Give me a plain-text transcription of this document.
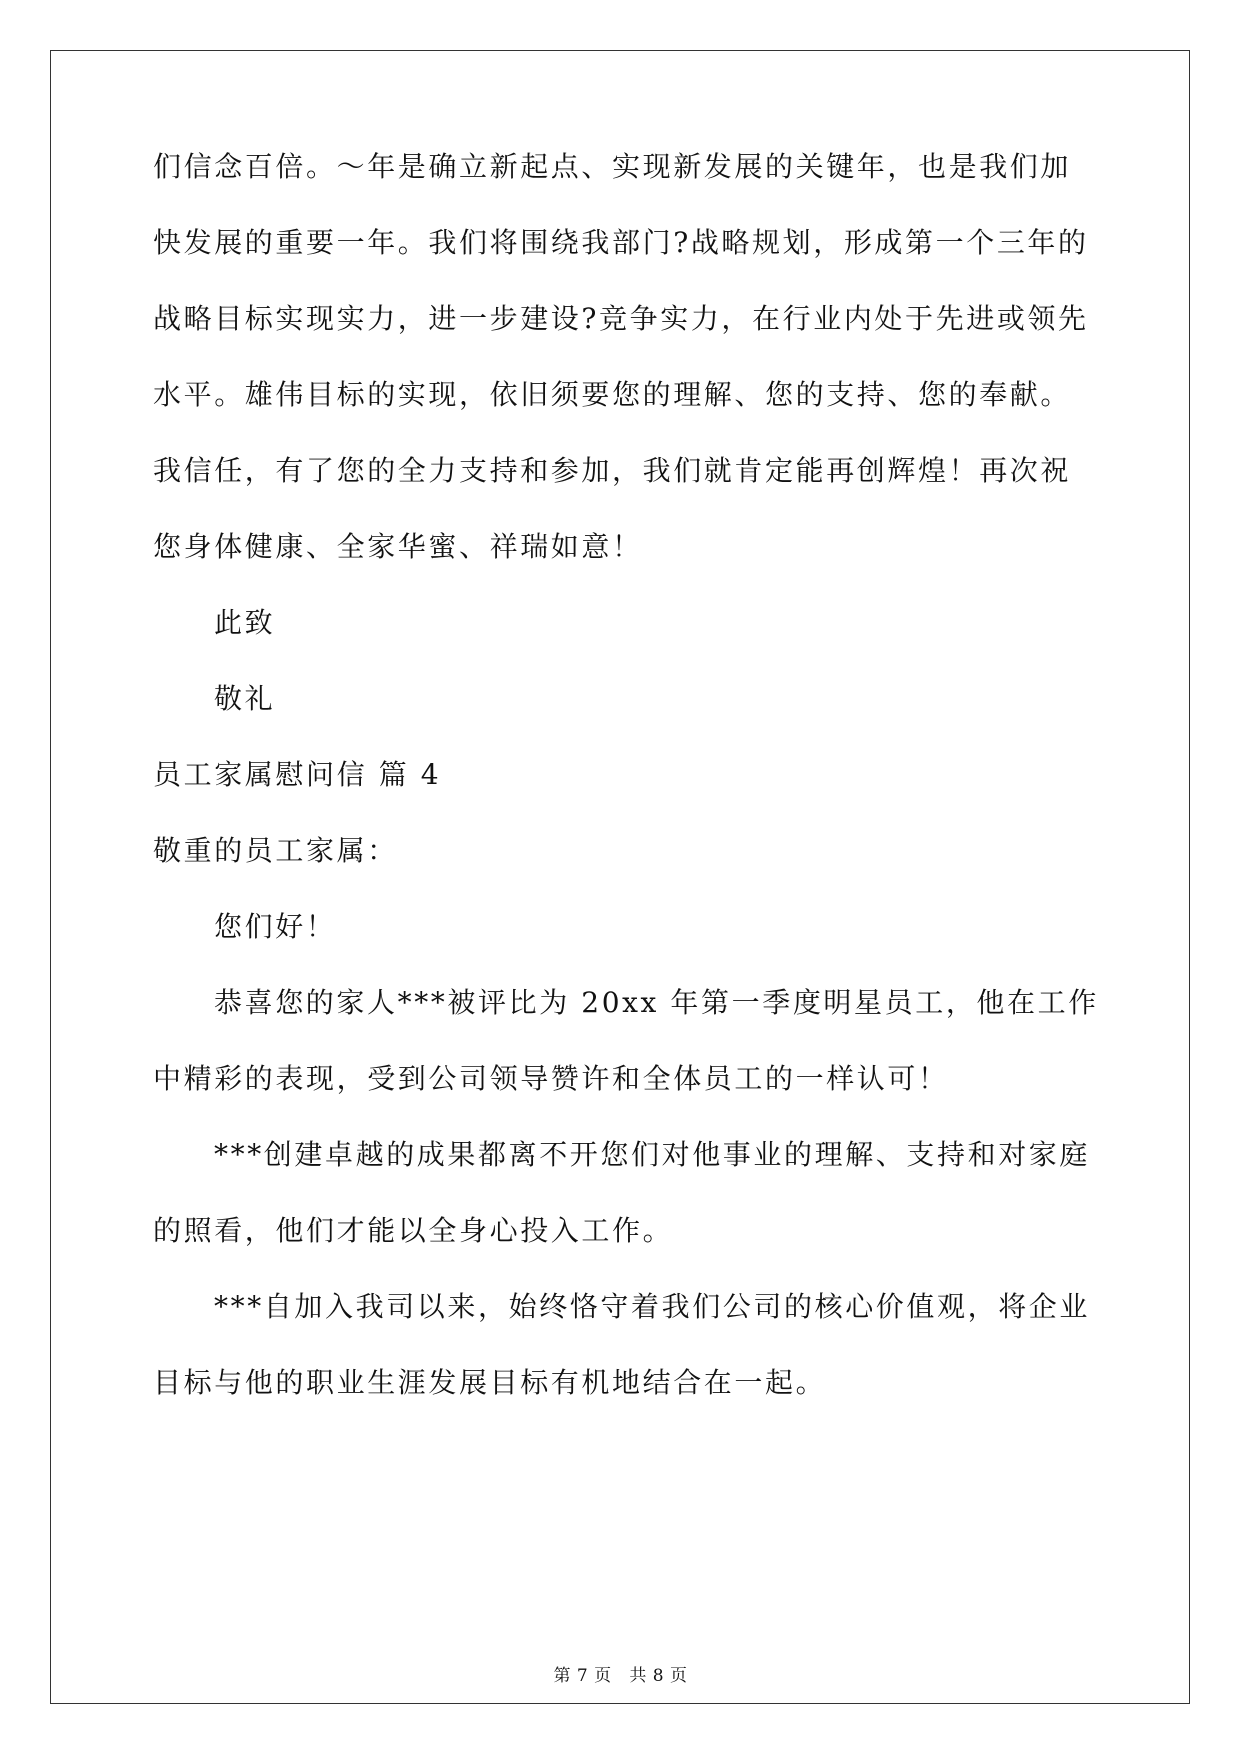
们信念百倍。～年是确立新起点、实现新发展的关键年，也是我们加
快发展的重要一年。我们将围绕我部门?战略规划，形成第一个三年的
战略目标实现实力，进一步建设?竞争实力，在行业内处于先进或领先
水平。雄伟目标的实现，依旧须要您的理解、您的支持、您的奉献。
我信任，有了您的全力支持和参加，我们就肯定能再创辉煌！再次祝
您身体健康、全家华蜜、祥瑞如意！
此致
敬礼
员工家属慰问信 篇 4
敬重的员工家属：
您们好！
恭喜您的家人***被评比为 20xx 年第一季度明星员工，他在工作
中精彩的表现，受到公司领导赞许和全体员工的一样认可！
***创建卓越的成果都离不开您们对他事业的理解、支持和对家庭
的照看，他们才能以全身心投入工作。
***自加入我司以来，始终恪守着我们公司的核心价值观，将企业
目标与他的职业生涯发展目标有机地结合在一起。
第 7 页   共 8 页
